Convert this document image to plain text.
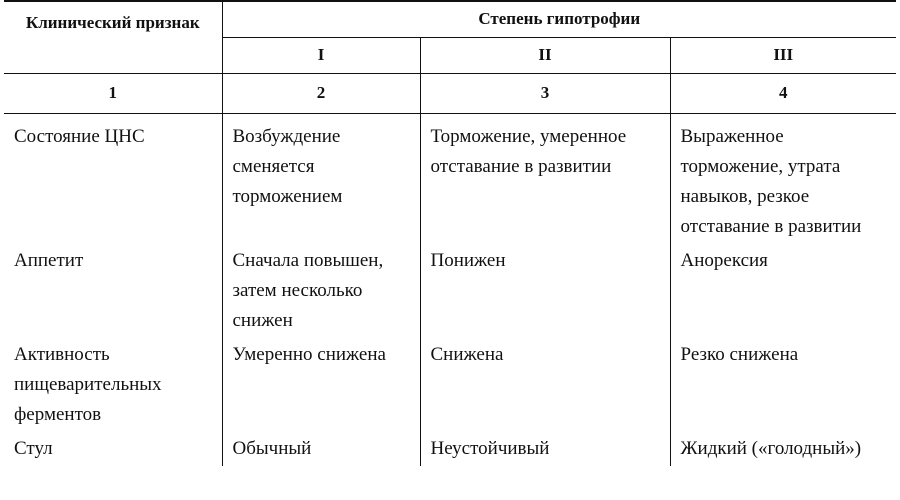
Клинический признак	Степень гипотрофии		
	I	II	III
1	2	3	4
Состояние ЦНС	Возбуждение сменяется торможением	Торможение, умеренное отставание в развитии	Выраженное торможение, утрата навыков, резкое отставание в развитии
Аппетит	Сначала повышен, затем несколько снижен	Понижен	Анорексия
Активность пищеварительных ферментов	Умеренно снижена	Снижена	Резко снижена
Стул	Обычный	Неустойчивый	Жидкий («голодный»)
